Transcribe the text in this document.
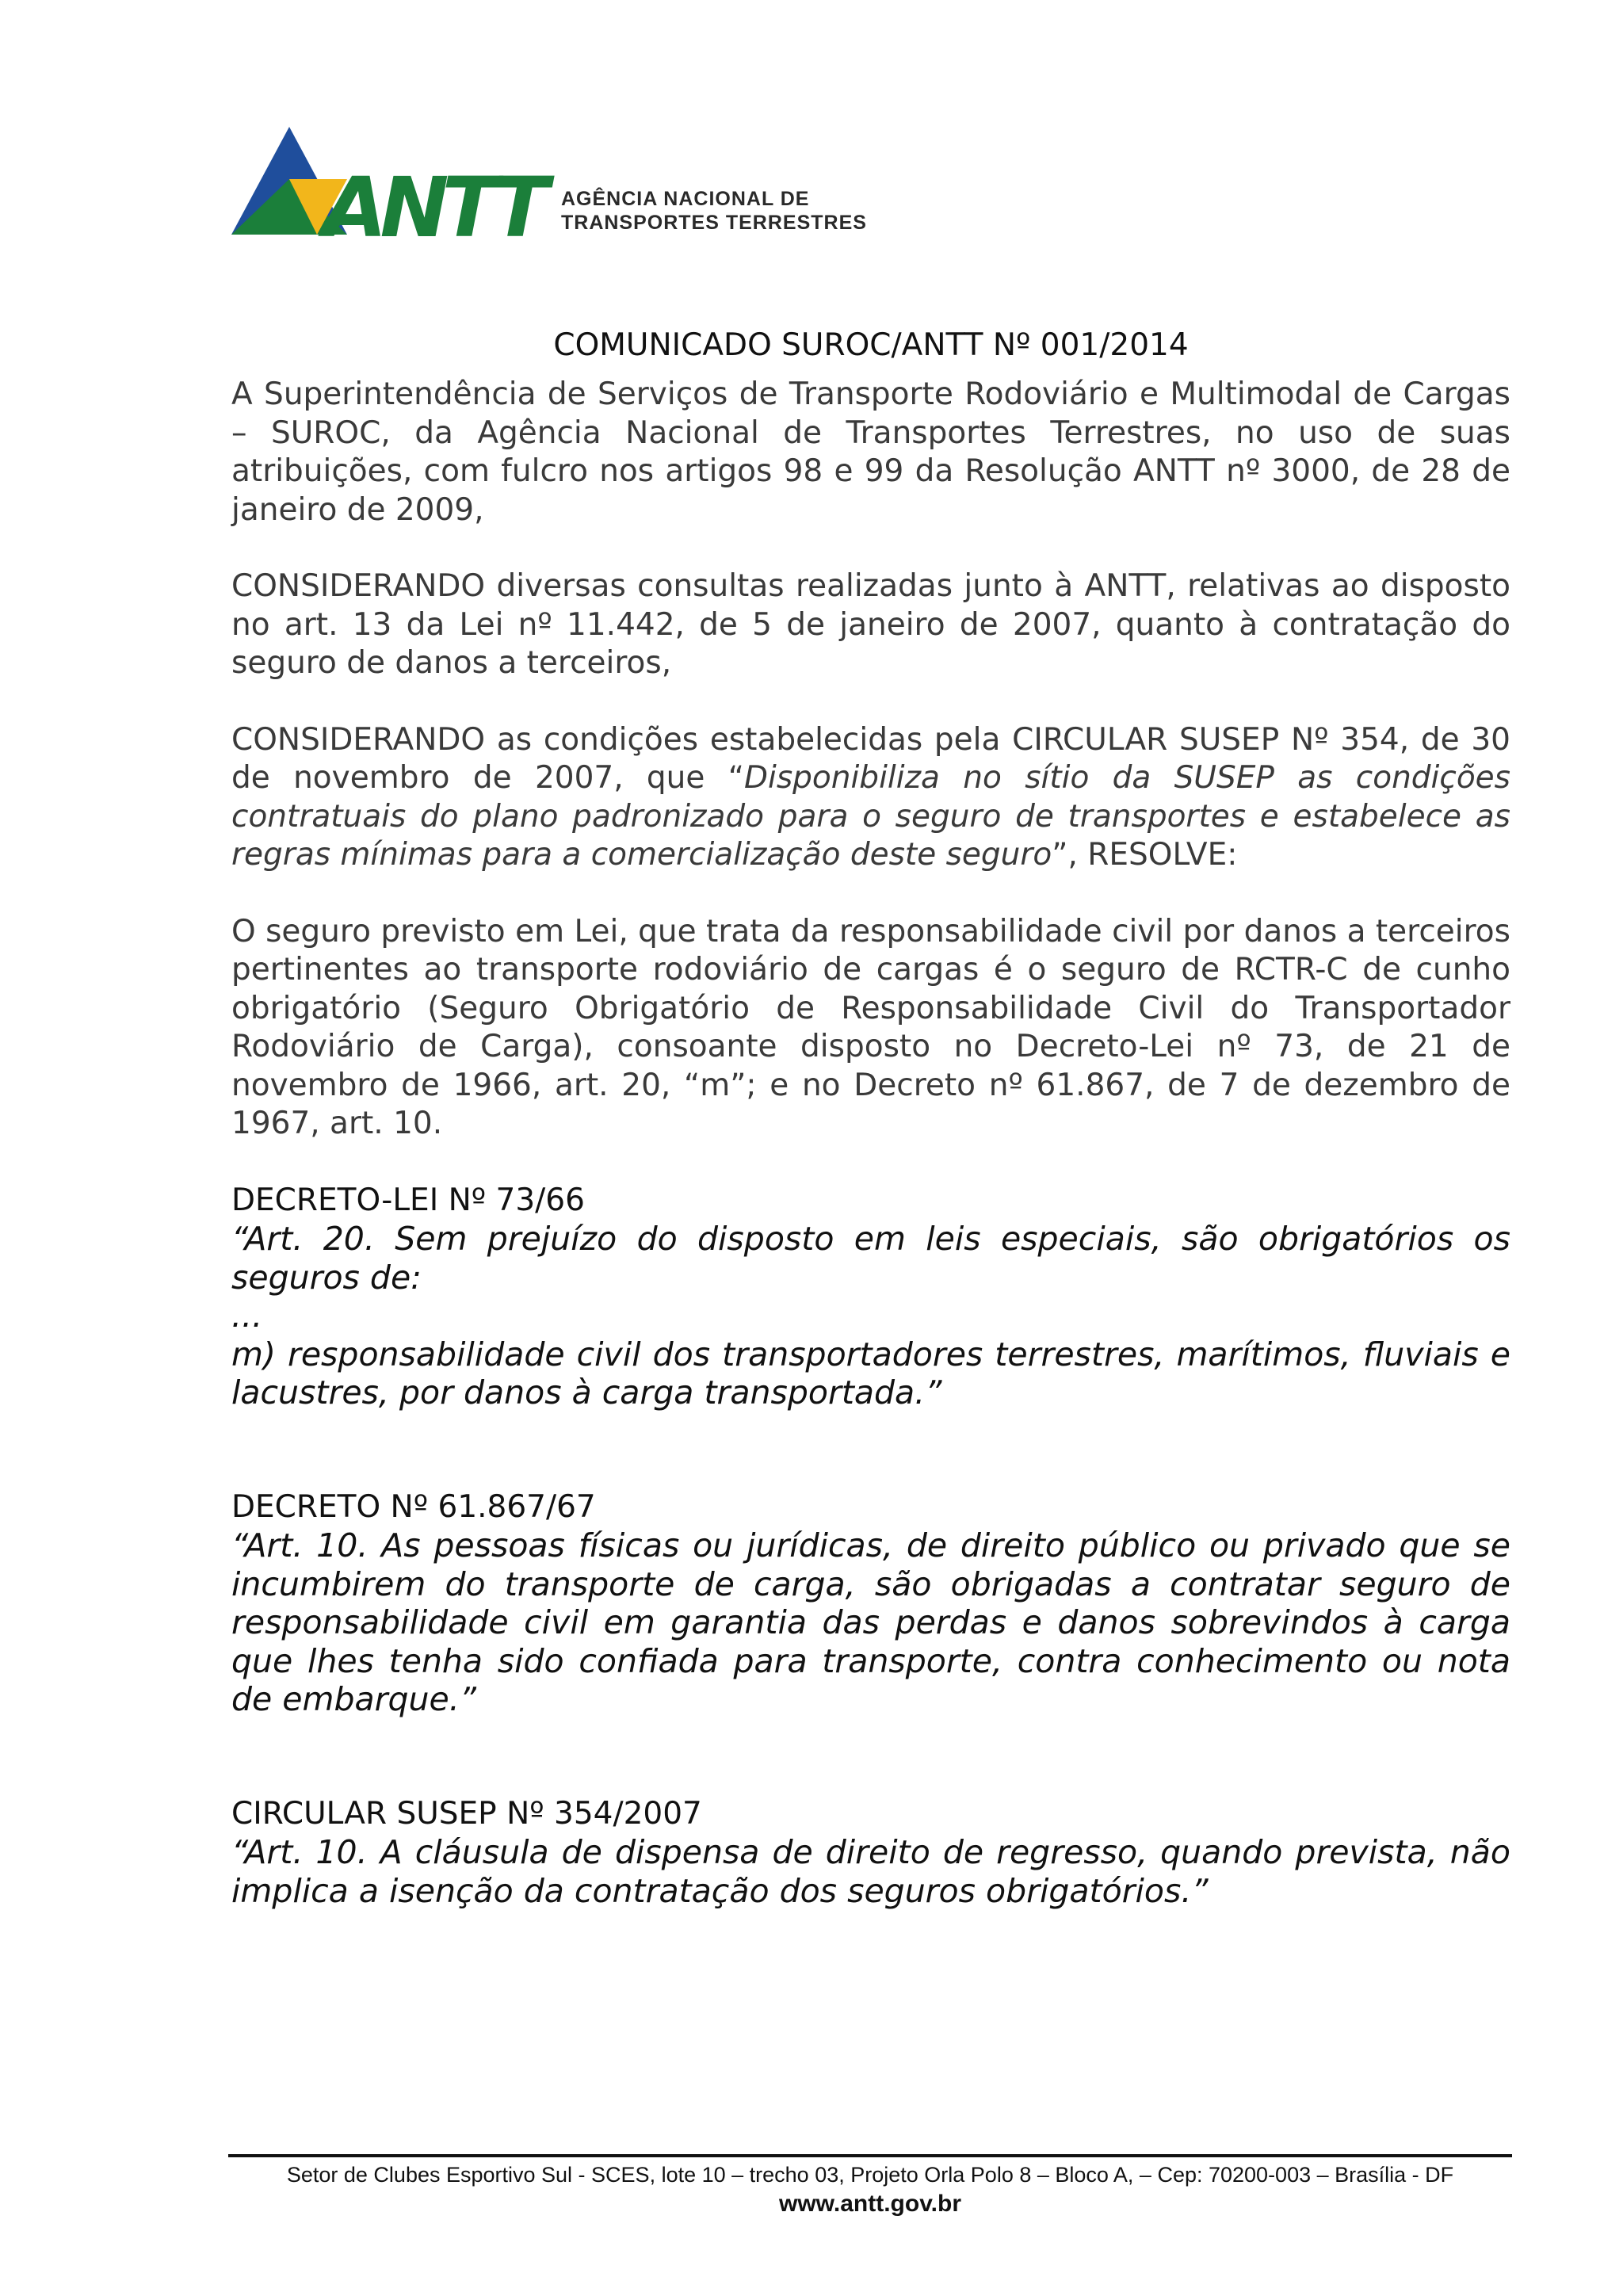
ANTT AGÊNCIA NACIONAL DE
TRANSPORTES TERRESTRES
COMUNICADO SUROC/ANTT Nº 001/2014

A Superintendência de Serviços de Transporte Rodoviário e Multimodal de Cargas – SUROC, da Agência Nacional de Transportes Terrestres, no uso de suas atribuições, com fulcro nos artigos 98 e 99 da Resolução ANTT nº 3000, de 28 de janeiro de 2009,

CONSIDERANDO diversas consultas realizadas junto à ANTT, relativas ao disposto no art. 13 da Lei nº 11.442, de 5 de janeiro de 2007, quanto à contratação do seguro de danos a terceiros,

CONSIDERANDO as condições estabelecidas pela CIRCULAR SUSEP Nº 354, de 30 de novembro de 2007, que “Disponibiliza no sítio da SUSEP as condições contratuais do plano padronizado para o seguro de transportes e estabelece as regras mínimas para a comercialização deste seguro”, RESOLVE:

O seguro previsto em Lei, que trata da responsabilidade civil por danos a terceiros pertinentes ao transporte rodoviário de cargas é o seguro de RCTR-C de cunho obrigatório (Seguro Obrigatório de Responsabilidade Civil do Transportador Rodoviário de Carga), consoante disposto no Decreto-Lei nº 73, de 21 de novembro de 1966, art. 20, “m”; e no Decreto nº 61.867, de 7 de dezembro de 1967, art. 10.

DECRETO-LEI Nº 73/66
“Art. 20. Sem prejuízo do disposto em leis especiais, são obrigatórios os seguros de:
...
m) responsabilidade civil dos transportadores terrestres, marítimos, fluviais e lacustres, por danos à carga transportada.”
DECRETO Nº 61.867/67
“Art. 10. As pessoas físicas ou jurídicas, de direito público ou privado que se incumbirem do transporte de carga, são obrigadas a contratar seguro de responsabilidade civil em garantia das perdas e danos sobrevindos à carga que lhes tenha sido confiada para transporte, contra conhecimento ou nota de embarque.”
CIRCULAR SUSEP Nº 354/2007
“Art. 10. A cláusula de dispensa de direito de regresso, quando prevista, não implica a isenção da contratação dos seguros obrigatórios.”
Setor de Clubes Esportivo Sul - SCES, lote 10 – trecho 03, Projeto Orla Polo 8 – Bloco A, – Cep: 70200-003 – Brasília - DF
www.antt.gov.br
